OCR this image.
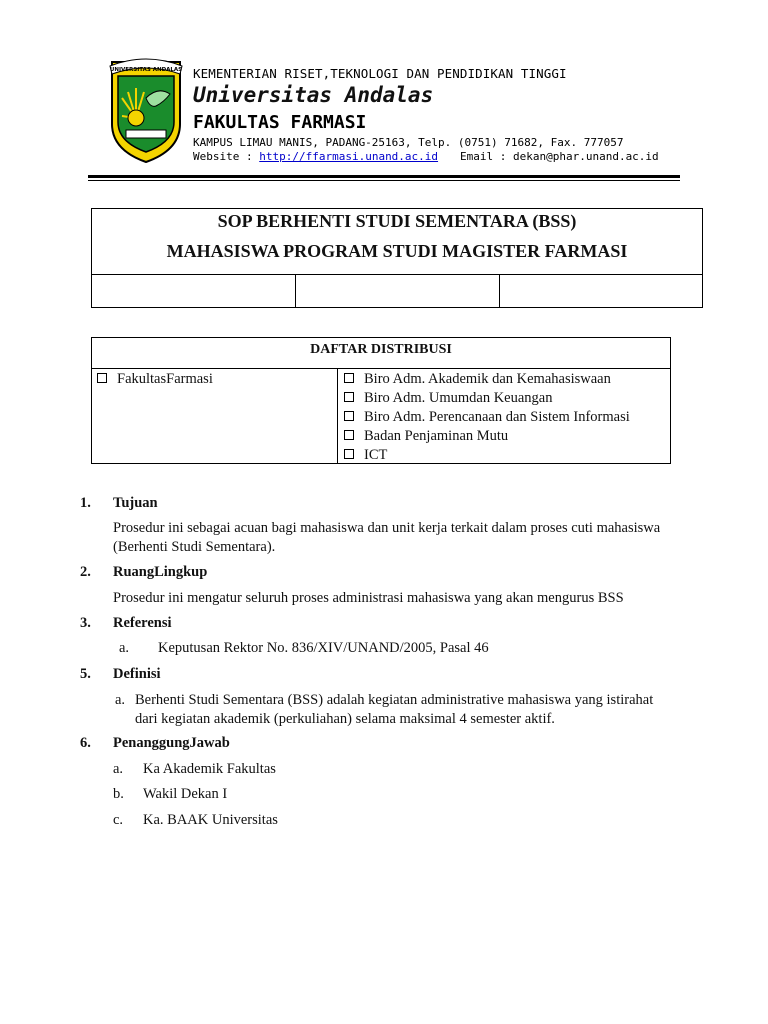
UNIVERSITAS ANDALAS KEMENTERIAN RISET,TEKNOLOGI DAN PENDIDIKAN TINGGI
Universitas Andalas
FAKULTAS FARMASI
KAMPUS LIMAU MANIS, PADANG-25163, Telp. (0751) 71682, Fax. 777057
Website : http://ffarmasi.unand.ac.id Email : dekan@phar.unand.ac.id
SOP BERHENTI STUDI SEMENTARA (BSS)
MAHASISWA PROGRAM STUDI MAGISTER FARMASI
DAFTAR DISTRIBUSI
FakultasFarmasi	Biro Adm. Akademik dan Kemahasiswaan
Biro Adm. Umumdan Keuangan
Biro Adm. Perencanaan dan Sistem Informasi
Badan Penjaminan Mutu
ICT
1. Tujuan
Prosedur ini sebagai acuan bagi mahasiswa dan unit kerja terkait dalam proses cuti mahasiswa
(Berhenti Studi Sementara).
2. RuangLingkup
Prosedur ini mengatur seluruh proses administrasi mahasiswa yang akan mengurus BSS
3. Referensi
a. Keputusan Rektor No. 836/XIV/UNAND/2005, Pasal 46
5. Definisi
a. Berhenti Studi Sementara (BSS) adalah kegiatan administrative mahasiswa yang istirahat
dari kegiatan akademik (perkuliahan) selama maksimal 4 semester aktif.
6. PenanggungJawab
a. Ka Akademik Fakultas
b. Wakil Dekan I
c. Ka. BAAK Universitas
